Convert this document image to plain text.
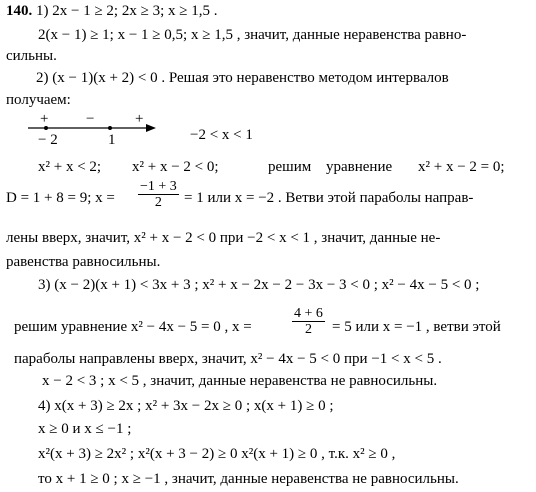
140. 1) 2x − 1 ≥ 2; 2x ≥ 3; x ≥ 1,5 .
2(x − 1) ≥ 1; x − 1 ≥ 0,5; x ≥ 1,5 , значит, данные неравенства равно-
сильны.
2) (x − 1)(x + 2) < 0 . Решая это неравенство методом интервалов
получаем:
+	−	+
− 2	1	−2 < x < 1
x² + x < 2; x² + x − 2 < 0;	решим уравнение x² + x − 2 = 0;
D = 1 + 8 = 9; $x = \frac{-1 + 3}{2} = 1$ или x = −2 . Ветви этой параболы направ-
лены вверх, значит, x² + x − 2 < 0 при −2 < x < 1 , значит, данные не-
равенства равносильны.
3) (x − 2)(x + 1) < 3x + 3 ; x² + x − 2x − 2 − 3x − 3 < 0 ; x² − 4x − 5 < 0 ;
решим уравнение x² − 4x − 5 = 0 , x =	$\frac{4 + 6}{2} = 5$ или x = −1 , ветви этой
параболы направлены вверх, значит, x² − 4x − 5 < 0 при −1 < x < 5 .
x − 2 < 3 ; x < 5 , значит, данные неравенства не равносильны.
4) x(x + 3) ≥ 2x ; x² + 3x − 2x ≥ 0 ; x(x + 1) ≥ 0 ;
x ≥ 0 и x ≤ −1 ;
x²(x + 3) ≥ 2x² ; x²(x + 3 − 2) ≥ 0 x²(x + 1) ≥ 0 , т.к. x² ≥ 0 ,
то x + 1 ≥ 0 ; x ≥ −1 , значит, данные неравенства не равносильны.
